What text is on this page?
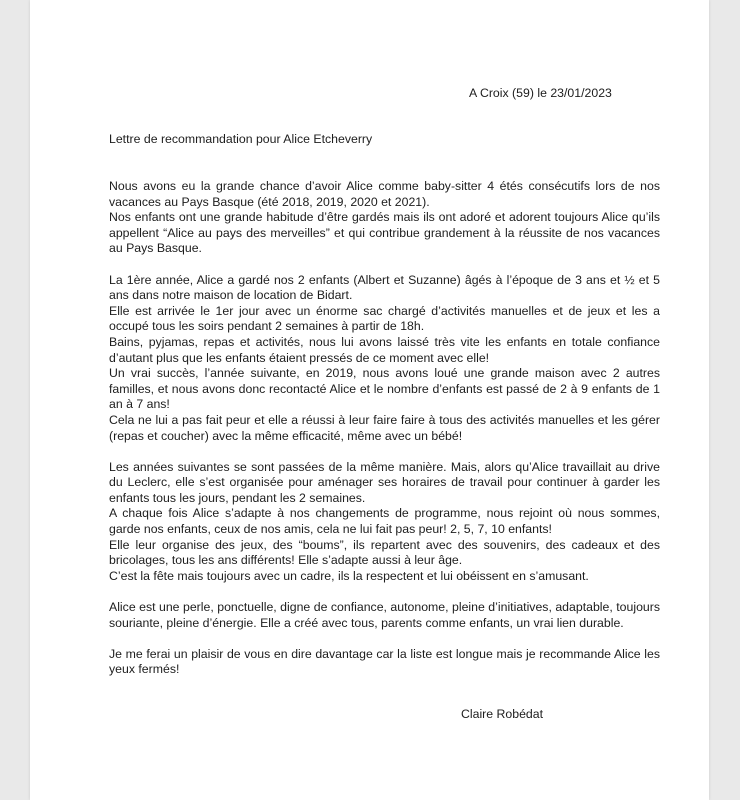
A Croix (59) le 23/01/2023
Lettre de recommandation pour Alice Etcheverry

Nous avons eu la grande chance d’avoir Alice comme baby-sitter 4 étés consécutifs lors de nos vacances au Pays Basque (été 2018, 2019, 2020 et 2021).

Nos enfants ont une grande habitude d’être gardés mais ils ont adoré et adorent toujours Alice qu’ils appellent “Alice au pays des merveilles” et qui contribue grandement à la réussite de nos vacances au Pays Basque.

La 1ère année, Alice a gardé nos 2 enfants (Albert et Suzanne) âgés à l’époque de 3 ans et ½ et 5 ans dans notre maison de location de Bidart.

Elle est arrivée le 1er jour avec un énorme sac chargé d’activités manuelles et de jeux et les a occupé tous les soirs pendant 2 semaines à partir de 18h.

Bains, pyjamas, repas et activités, nous lui avons laissé très vite les enfants en totale confiance d’autant plus que les enfants étaient pressés de ce moment avec elle!

Un vrai succès, l’année suivante, en 2019, nous avons loué une grande maison avec 2 autres familles, et nous avons donc recontacté Alice et le nombre d’enfants est passé de 2 à 9 enfants de 1 an à 7 ans!

Cela ne lui a pas fait peur et elle a réussi à leur faire faire à tous des activités manuelles et les gérer (repas et coucher) avec la même efficacité, même avec un bébé!

Les années suivantes se sont passées de la même manière. Mais, alors qu’Alice travaillait au drive du Leclerc, elle s’est organisée pour aménager ses horaires de travail pour continuer à garder les enfants tous les jours, pendant les 2 semaines.

A chaque fois Alice s’adapte à nos changements de programme, nous rejoint où nous sommes, garde nos enfants, ceux de nos amis, cela ne lui fait pas peur! 2, 5, 7, 10 enfants!

Elle leur organise des jeux, des “boums”, ils repartent avec des souvenirs, des cadeaux et des bricolages, tous les ans différents! Elle s’adapte aussi à leur âge.

C’est la fête mais toujours avec un cadre, ils la respectent et lui obéissent en s’amusant.

Alice est une perle, ponctuelle, digne de confiance, autonome, pleine d’initiatives, adaptable, toujours souriante, pleine d’énergie. Elle a créé avec tous, parents comme enfants, un vrai lien durable.

Je me ferai un plaisir de vous en dire davantage car la liste est longue mais je recommande Alice les yeux fermés!

Claire Robédat
